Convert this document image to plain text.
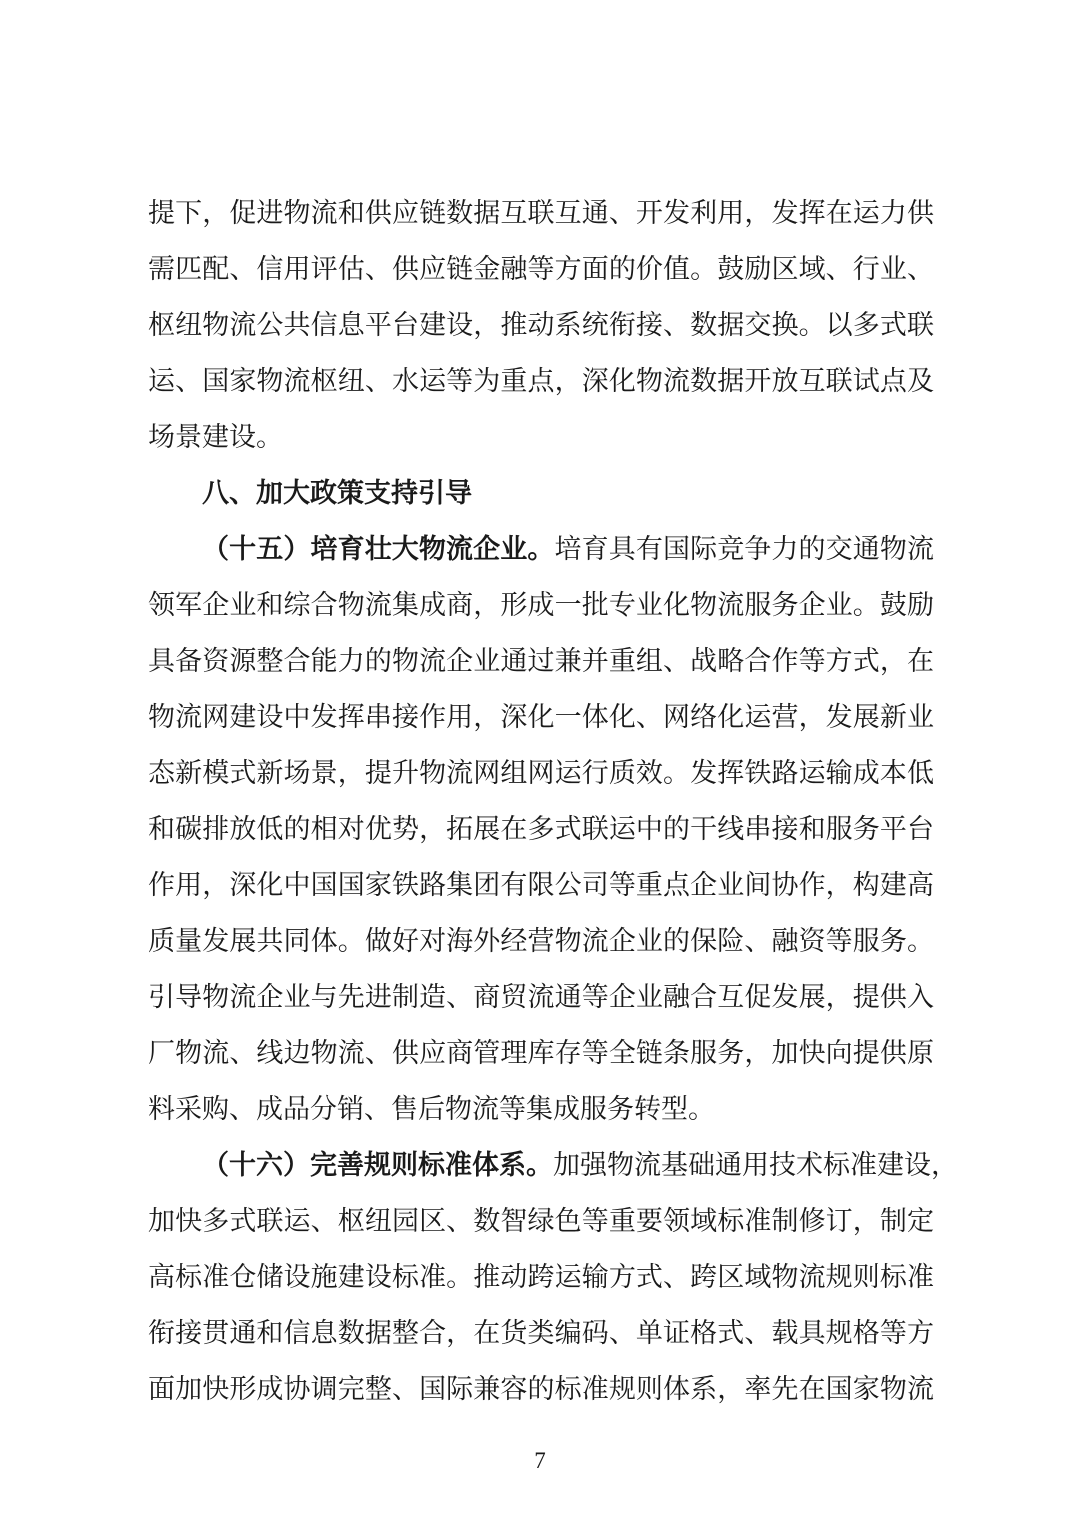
提下，促进物流和供应链数据互联互通、开发利用，发挥在运力供
需匹配、信用评估、供应链金融等方面的价值。鼓励区域、行业、
枢纽物流公共信息平台建设，推动系统衔接、数据交换。以多式联
运、国家物流枢纽、水运等为重点，深化物流数据开放互联试点及
场景建设。
八、加大政策支持引导
（十五）培育壮大物流企业。培育具有国际竞争力的交通物流
领军企业和综合物流集成商，形成一批专业化物流服务企业。鼓励
具备资源整合能力的物流企业通过兼并重组、战略合作等方式，在
物流网建设中发挥串接作用，深化一体化、网络化运营，发展新业
态新模式新场景，提升物流网组网运行质效。发挥铁路运输成本低
和碳排放低的相对优势，拓展在多式联运中的干线串接和服务平台
作用，深化中国国家铁路集团有限公司等重点企业间协作，构建高
质量发展共同体。做好对海外经营物流企业的保险、融资等服务。
引导物流企业与先进制造、商贸流通等企业融合互促发展，提供入
厂物流、线边物流、供应商管理库存等全链条服务，加快向提供原
料采购、成品分销、售后物流等集成服务转型。
（十六）完善规则标准体系。加强物流基础通用技术标准建设，
加快多式联运、枢纽园区、数智绿色等重要领域标准制修订，制定
高标准仓储设施建设标准。推动跨运输方式、跨区域物流规则标准
衔接贯通和信息数据整合，在货类编码、单证格式、载具规格等方
面加快形成协调完整、国际兼容的标准规则体系，率先在国家物流
7
